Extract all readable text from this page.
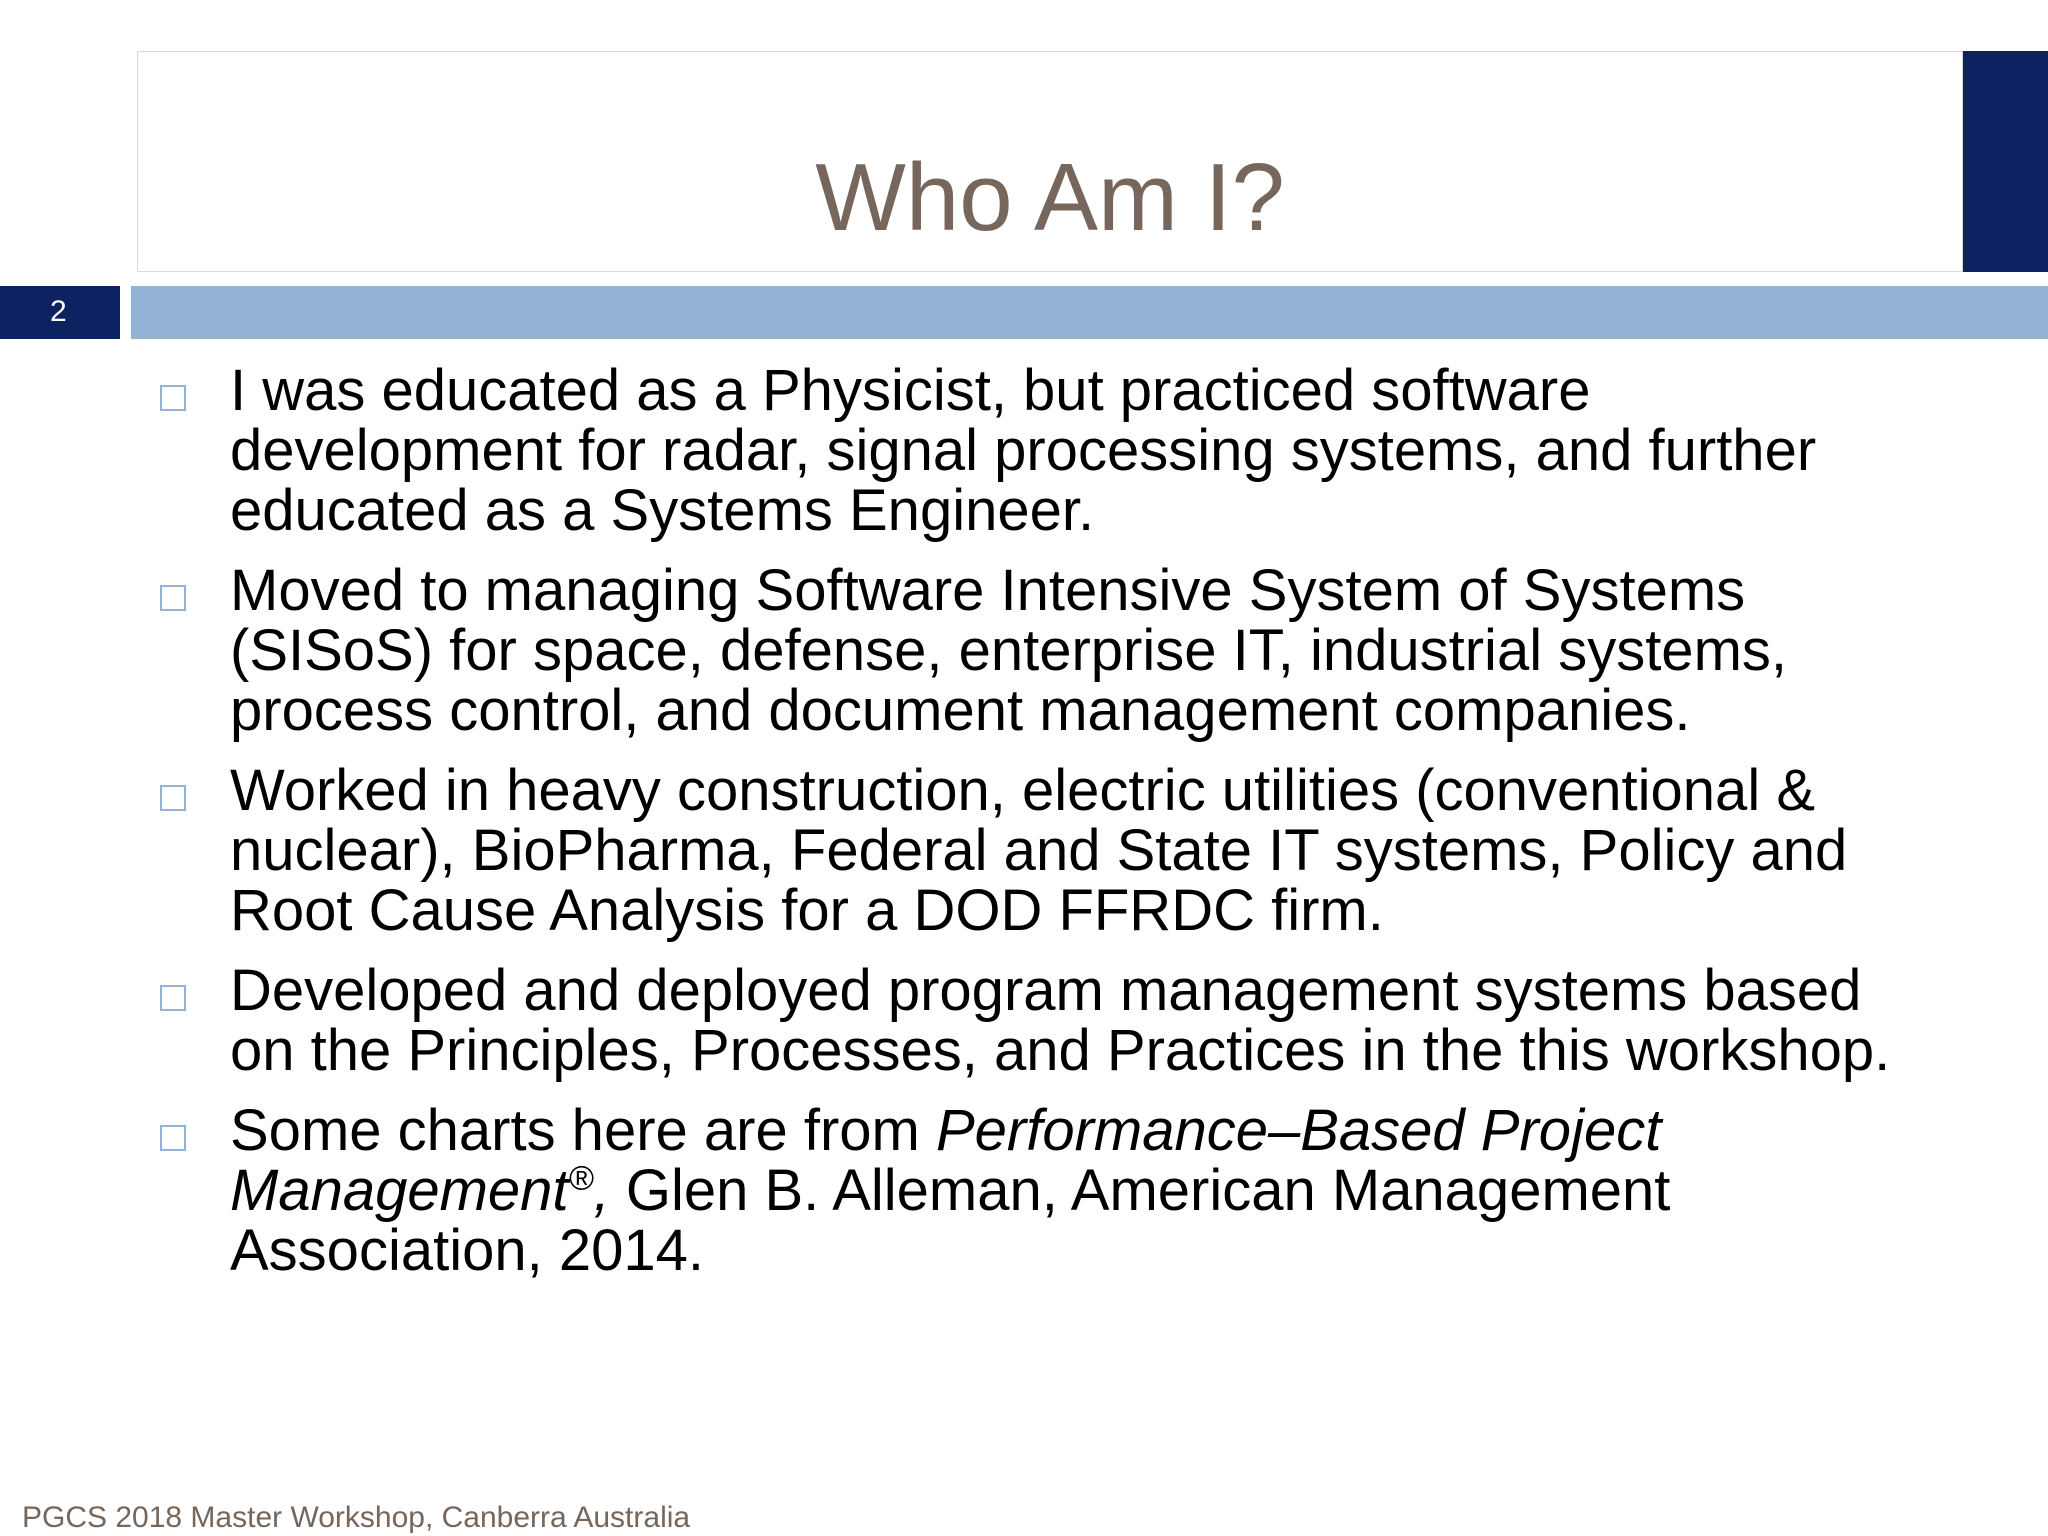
Who Am I?
2
I was educated as a Physicist, but practiced software development for radar, signal processing systems, and further educated as a Systems Engineer.
Moved to managing Software Intensive System of Systems (SISoS) for space, defense, enterprise IT, industrial systems, process control, and document management companies.
Worked in heavy construction, electric utilities (conventional & nuclear), BioPharma, Federal and State IT systems, Policy and Root Cause Analysis for a DOD FFRDC firm.
Developed and deployed program management systems based on the Principles, Processes, and Practices in the this workshop.
Some charts here are from Performance–Based Project Management®, Glen B. Alleman, American Management Association, 2014.
PGCS 2018 Master Workshop, Canberra Australia
